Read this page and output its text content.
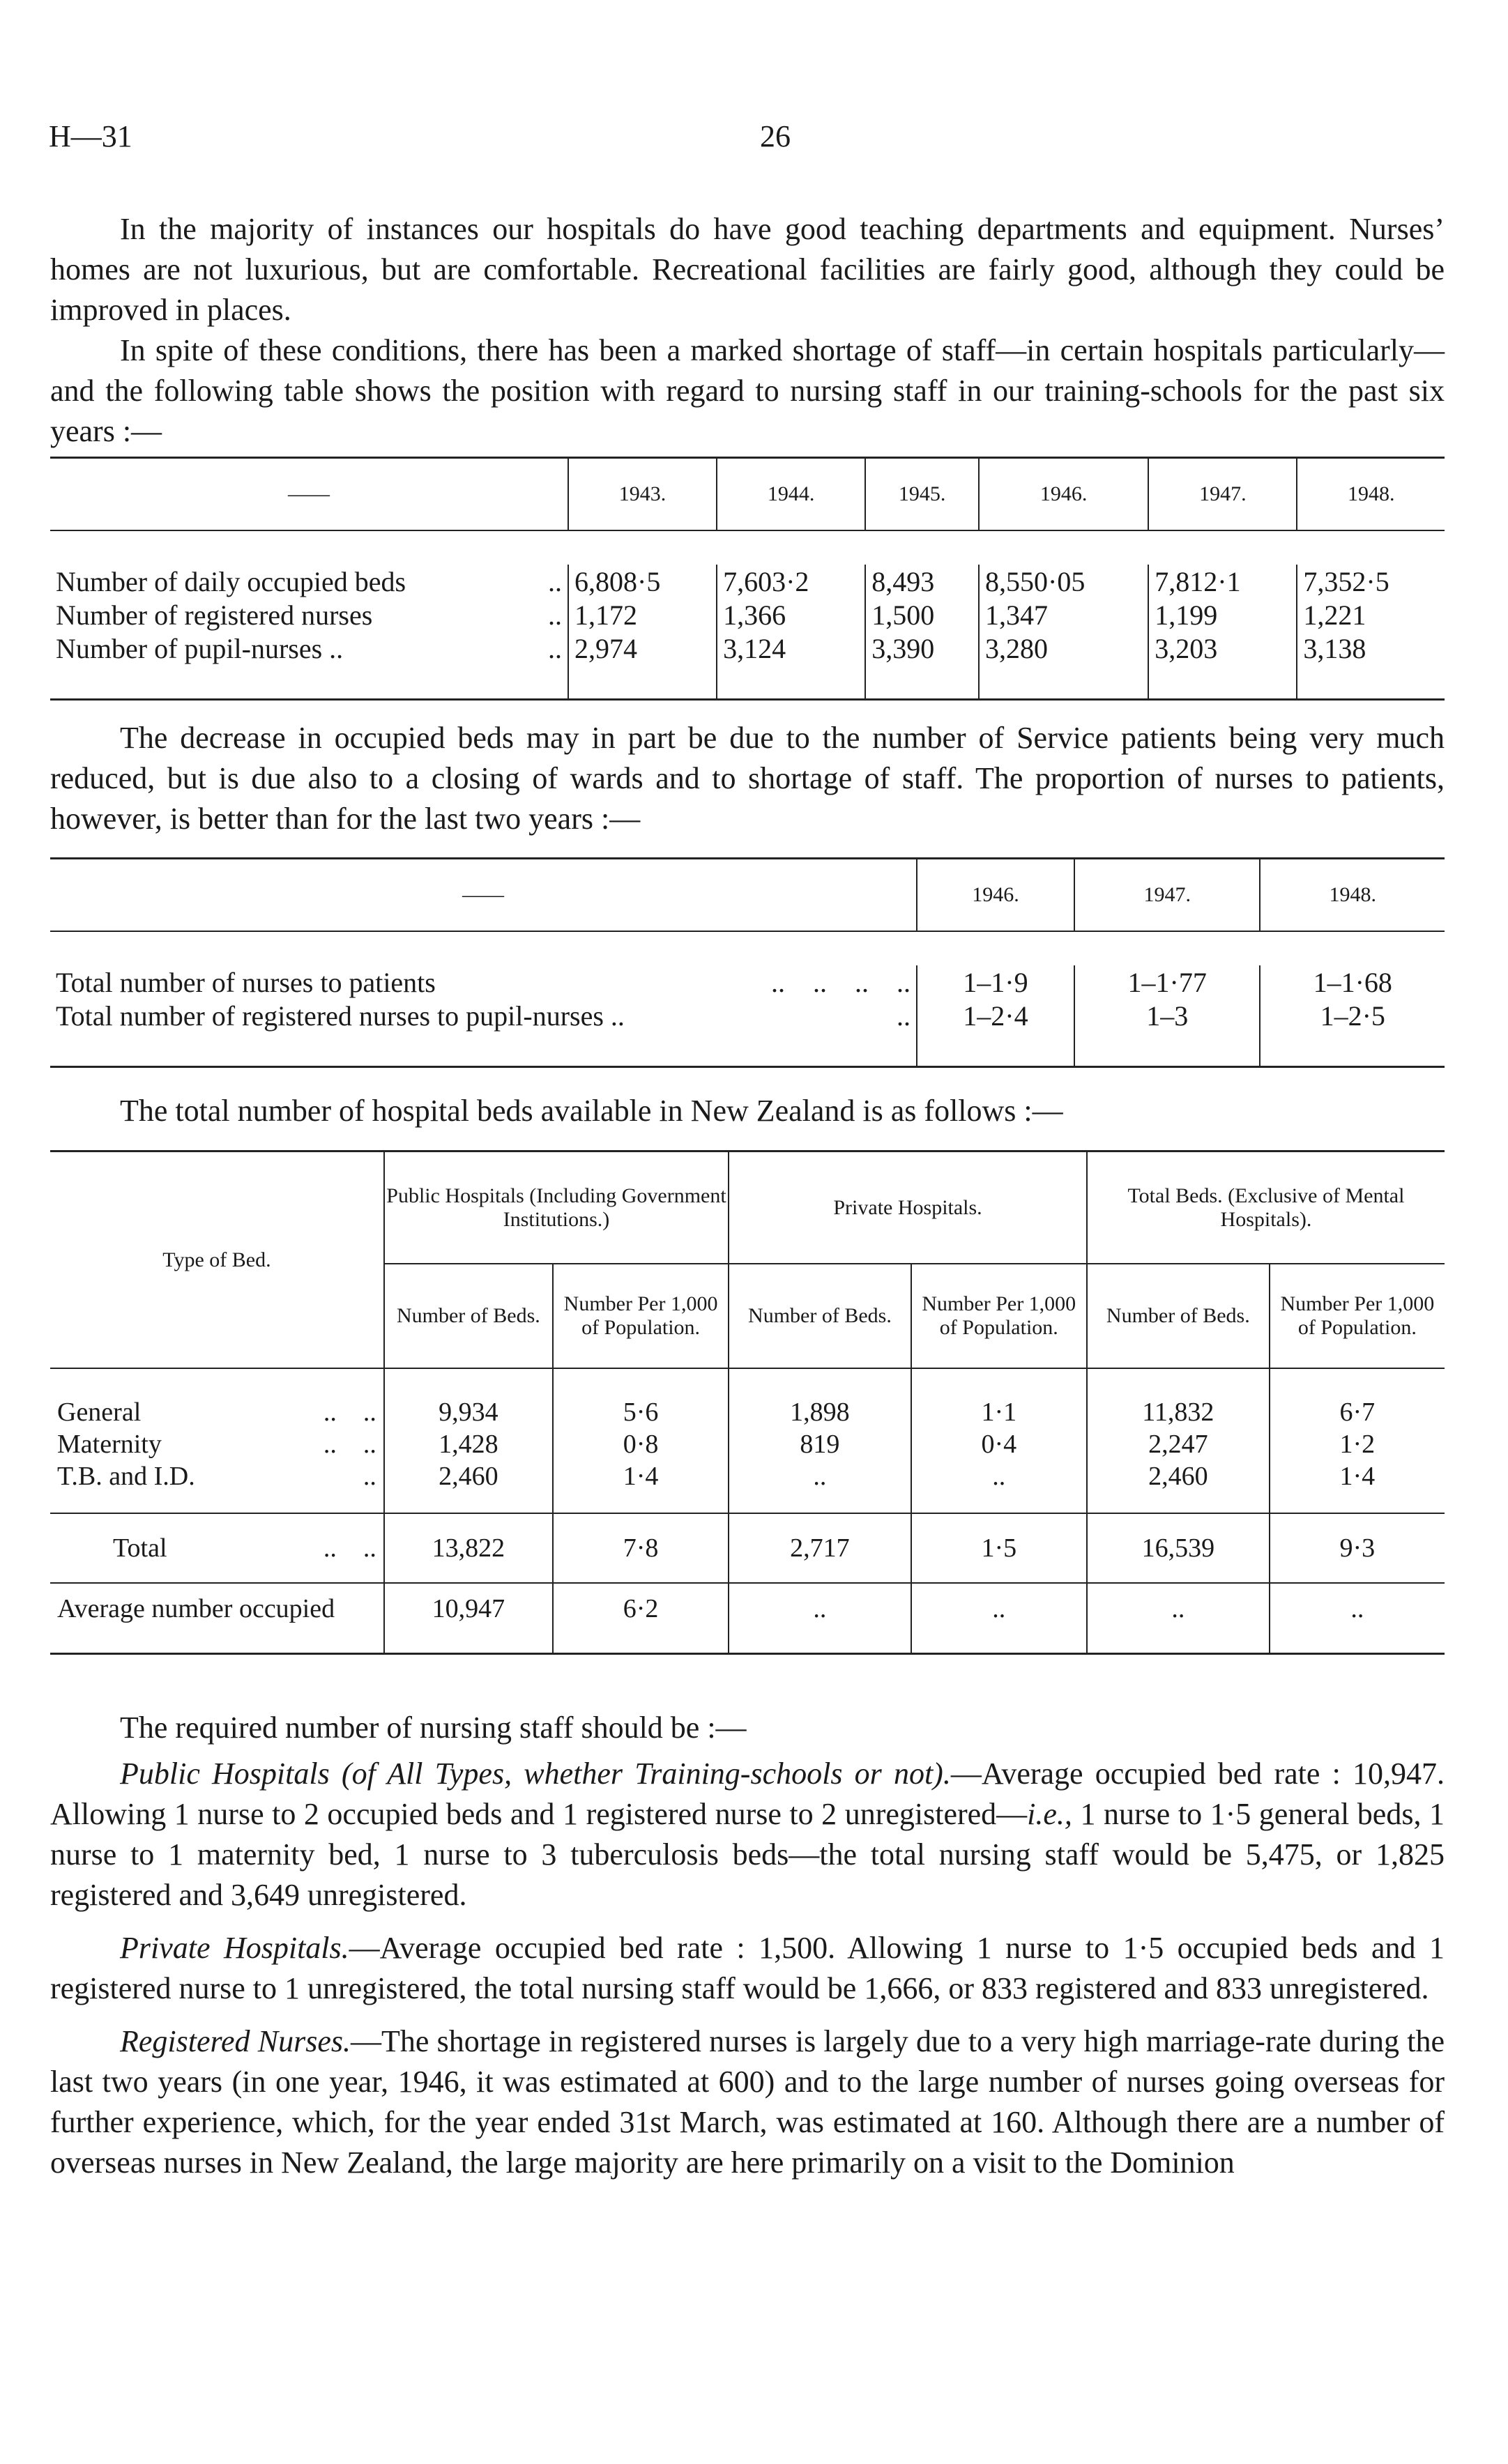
H—31	26

In the majority of instances our hospitals do have good teaching departments and equipment. Nurses’ homes are not luxurious, but are comfortable. Recreational facilities are fairly good, although they could be improved in places.

In spite of these conditions, there has been a marked shortage of staff—in certain hospitals particularly—and the following table shows the position with regard to nursing staff in our training-schools for the past six years :—

——	1943.	1944.	1945.	1946.	1947.	1948.

Number of daily occupied beds ..	6,808·5	7,603·2	8,493	8,550·05	7,812·1	7,352·5
Number of registered nurses ..	1,172	1,366	1,500	1,347	1,199	1,221
Number of pupil-nurses .. ..	2,974	3,124	3,390	3,280	3,203	3,138

The decrease in occupied beds may in part be due to the number of Service patients being very much reduced, but is due also to a closing of wards and to shortage of staff. The proportion of nurses to patients, however, is better than for the last two years :—

——	1946.	1947.	1948.

Total number of nurses to patients ..    ..    ..    ..	1–1·9	1–1·77	1–1·68
Total number of registered nurses to pupil-nurses .. ..	1–2·4	1–3	1–2·5

The total number of hospital beds available in New Zealand is as follows :—

Type of Bed.	Public Hospitals (Including Government Institutions.)		Private Hospitals.		Total Beds. (Exclusive of Mental Hospitals).	
	Number of Beds.	Number Per 1,000 of Population.	Number of Beds.	Number Per 1,000 of Population.	Number of Beds.	Number Per 1,000 of Population.

General ..    ..	9,934	5·6	1,898	1·1	11,832	6·7
Maternity ..    ..	1,428	0·8	819	0·4	2,247	1·2
T.B. and I.D. ..	2,460	1·4	..	..	2,460	1·4

Total ..    ..	13,822	7·8	2,717	1·5	16,539	9·3
Average number occupied	10,947	6·2	..	..	..	..

The required number of nursing staff should be :—

Public Hospitals (of All Types, whether Training-schools or not).—Average occupied bed rate : 10,947. Allowing 1 nurse to 2 occupied beds and 1 registered nurse to 2 unregistered—i.e., 1 nurse to 1·5 general beds, 1 nurse to 1 maternity bed, 1 nurse to 3 tuberculosis beds—the total nursing staff would be 5,475, or 1,825 registered and 3,649 unregistered.

Private Hospitals.—Average occupied bed rate : 1,500. Allowing 1 nurse to 1·5 occupied beds and 1 registered nurse to 1 unregistered, the total nursing staff would be 1,666, or 833 registered and 833 unregistered.

Registered Nurses.—The shortage in registered nurses is largely due to a very high marriage-rate during the last two years (in one year, 1946, it was estimated at 600) and to the large number of nurses going overseas for further experience, which, for the year ended 31st March, was estimated at 160. Although there are a number of overseas nurses in New Zealand, the large majority are here primarily on a visit to the Dominion
